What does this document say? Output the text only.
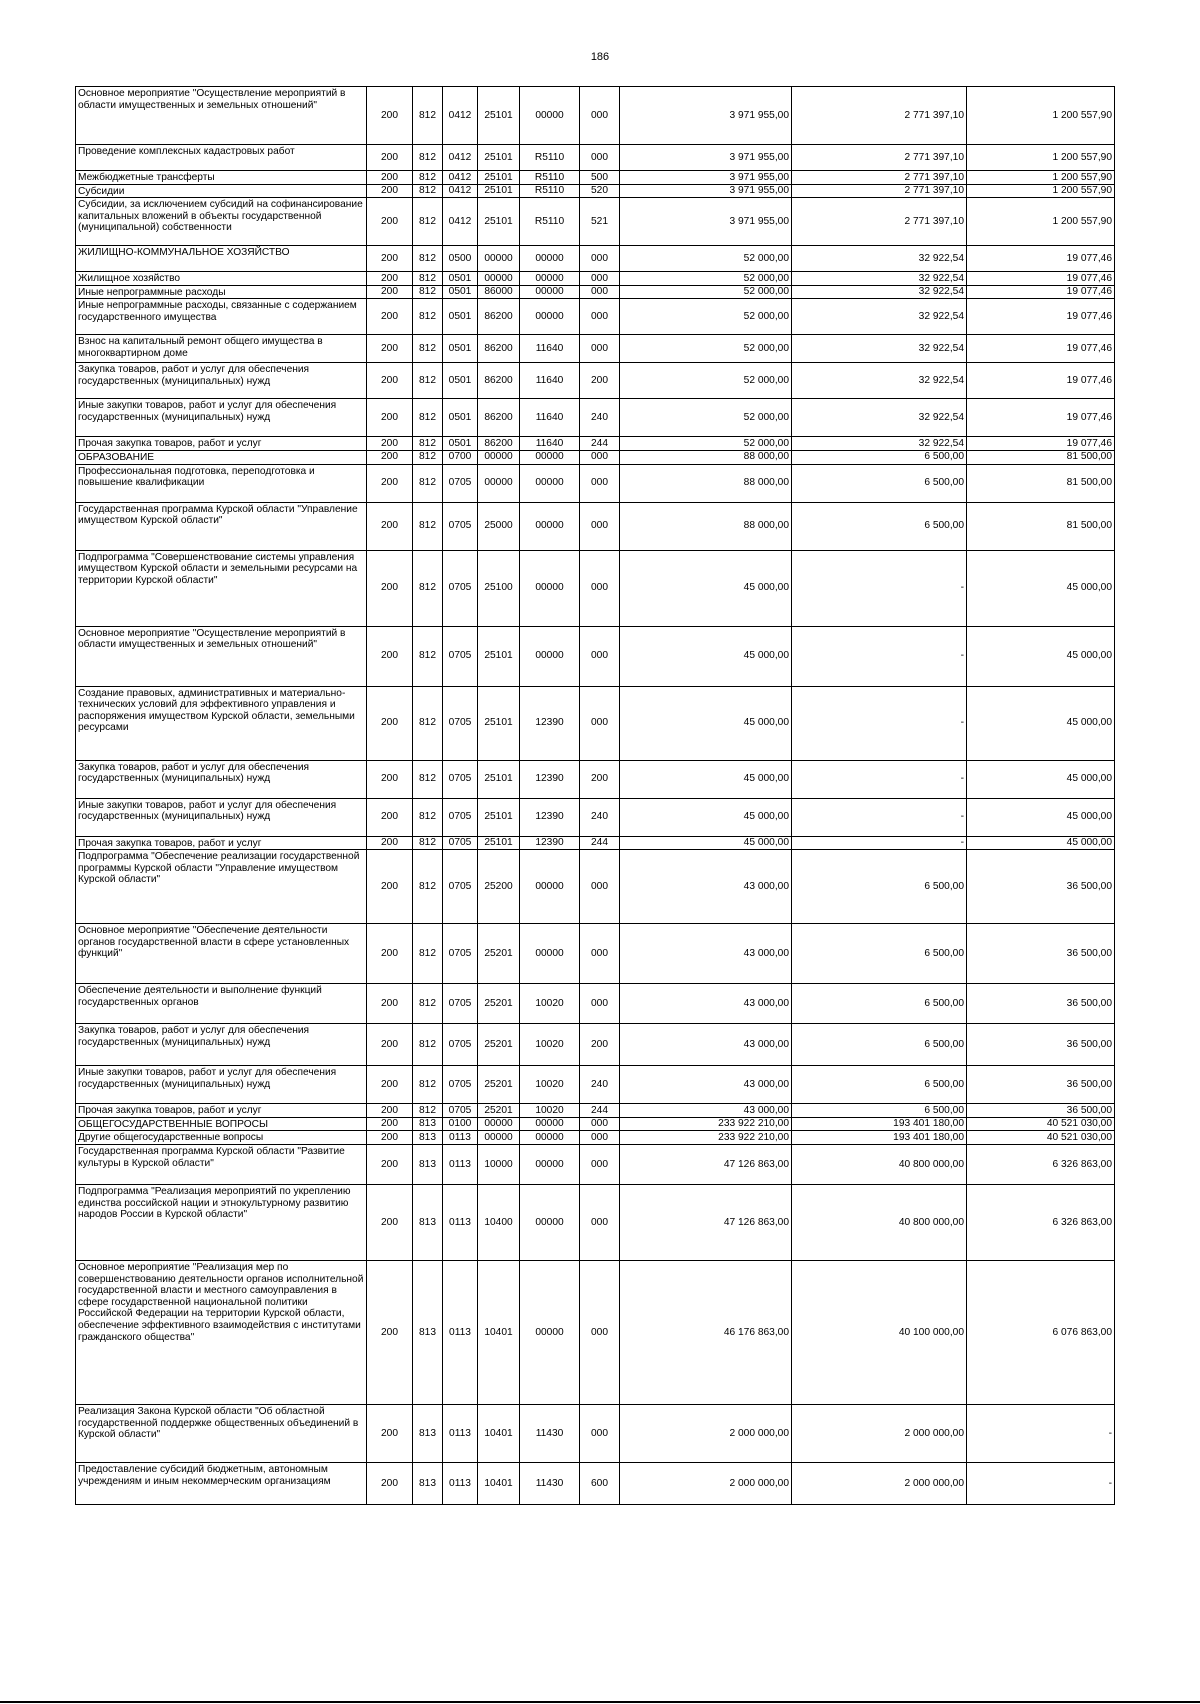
186
Основное мероприятие "Осуществление мероприятий в области имущественных и земельных отношений"	200	812	0412	25101	00000	000	3 971 955,00	2 771 397,10	1 200 557,90
Проведение комплексных кадастровых работ	200	812	0412	25101	R5110	000	3 971 955,00	2 771 397,10	1 200 557,90
Межбюджетные трансферты	200	812	0412	25101	R5110	500	3 971 955,00	2 771 397,10	1 200 557,90
Субсидии	200	812	0412	25101	R5110	520	3 971 955,00	2 771 397,10	1 200 557,90
Субсидии, за исключением субсидий на софинансирование капитальных вложений в объекты государственной (муниципальной) собственности	200	812	0412	25101	R5110	521	3 971 955,00	2 771 397,10	1 200 557,90
ЖИЛИЩНО-КОММУНАЛЬНОЕ ХОЗЯЙСТВО	200	812	0500	00000	00000	000	52 000,00	32 922,54	19 077,46
Жилищное хозяйство	200	812	0501	00000	00000	000	52 000,00	32 922,54	19 077,46
Иные непрограммные расходы	200	812	0501	86000	00000	000	52 000,00	32 922,54	19 077,46
Иные непрограммные расходы, связанные с содержанием государственного имущества	200	812	0501	86200	00000	000	52 000,00	32 922,54	19 077,46
Взнос на капитальный ремонт общего имущества в многоквартирном доме	200	812	0501	86200	11640	000	52 000,00	32 922,54	19 077,46
Закупка товаров, работ и услуг для обеспечения государственных (муниципальных) нужд	200	812	0501	86200	11640	200	52 000,00	32 922,54	19 077,46
Иные закупки товаров, работ и услуг для обеспечения государственных (муниципальных) нужд	200	812	0501	86200	11640	240	52 000,00	32 922,54	19 077,46
Прочая закупка товаров, работ и услуг	200	812	0501	86200	11640	244	52 000,00	32 922,54	19 077,46
ОБРАЗОВАНИЕ	200	812	0700	00000	00000	000	88 000,00	6 500,00	81 500,00
Профессиональная подготовка, переподготовка и повышение квалификации	200	812	0705	00000	00000	000	88 000,00	6 500,00	81 500,00
Государственная программа Курской области "Управление имуществом Курской области"	200	812	0705	25000	00000	000	88 000,00	6 500,00	81 500,00
Подпрограмма "Совершенствование системы управления имуществом Курской области и земельными ресурсами на территории Курской области"	200	812	0705	25100	00000	000	45 000,00	-	45 000,00
Основное мероприятие "Осуществление мероприятий в области имущественных и земельных отношений"	200	812	0705	25101	00000	000	45 000,00	-	45 000,00
Создание правовых, административных и материально-технических условий для эффективного управления и распоряжения имуществом Курской области, земельными ресурсами	200	812	0705	25101	12390	000	45 000,00	-	45 000,00
Закупка товаров, работ и услуг для обеспечения государственных (муниципальных) нужд	200	812	0705	25101	12390	200	45 000,00	-	45 000,00
Иные закупки товаров, работ и услуг для обеспечения государственных (муниципальных) нужд	200	812	0705	25101	12390	240	45 000,00	-	45 000,00
Прочая закупка товаров, работ и услуг	200	812	0705	25101	12390	244	45 000,00	-	45 000,00
Подпрограмма "Обеспечение реализации государственной программы Курской области "Управление имуществом Курской области"	200	812	0705	25200	00000	000	43 000,00	6 500,00	36 500,00
Основное мероприятие "Обеспечение деятельности органов государственной власти в сфере установленных функций"	200	812	0705	25201	00000	000	43 000,00	6 500,00	36 500,00
Обеспечение деятельности и выполнение функций государственных органов	200	812	0705	25201	10020	000	43 000,00	6 500,00	36 500,00
Закупка товаров, работ и услуг для обеспечения государственных (муниципальных) нужд	200	812	0705	25201	10020	200	43 000,00	6 500,00	36 500,00
Иные закупки товаров, работ и услуг для обеспечения государственных (муниципальных) нужд	200	812	0705	25201	10020	240	43 000,00	6 500,00	36 500,00
Прочая закупка товаров, работ и услуг	200	812	0705	25201	10020	244	43 000,00	6 500,00	36 500,00
ОБЩЕГОСУДАРСТВЕННЫЕ ВОПРОСЫ	200	813	0100	00000	00000	000	233 922 210,00	193 401 180,00	40 521 030,00
Другие общегосударственные вопросы	200	813	0113	00000	00000	000	233 922 210,00	193 401 180,00	40 521 030,00
Государственная программа Курской области "Развитие культуры в Курской области"	200	813	0113	10000	00000	000	47 126 863,00	40 800 000,00	6 326 863,00
Подпрограмма "Реализация мероприятий по укреплению единства российской нации и этнокультурному развитию народов России в Курской области"	200	813	0113	10400	00000	000	47 126 863,00	40 800 000,00	6 326 863,00
Основное мероприятие "Реализация мер по совершенствованию деятельности органов исполнительной государственной власти и местного самоуправления в сфере государственной национальной политики Российской Федерации на территории Курской области, обеспечение эффективного взаимодействия с институтами гражданского общества"	200	813	0113	10401	00000	000	46 176 863,00	40 100 000,00	6 076 863,00
Реализация Закона Курской области "Об областной государственной поддержке общественных объединений в Курской области"	200	813	0113	10401	11430	000	2 000 000,00	2 000 000,00	-
Предоставление субсидий бюджетным, автономным учреждениям и иным некоммерческим организациям	200	813	0113	10401	11430	600	2 000 000,00	2 000 000,00	-
